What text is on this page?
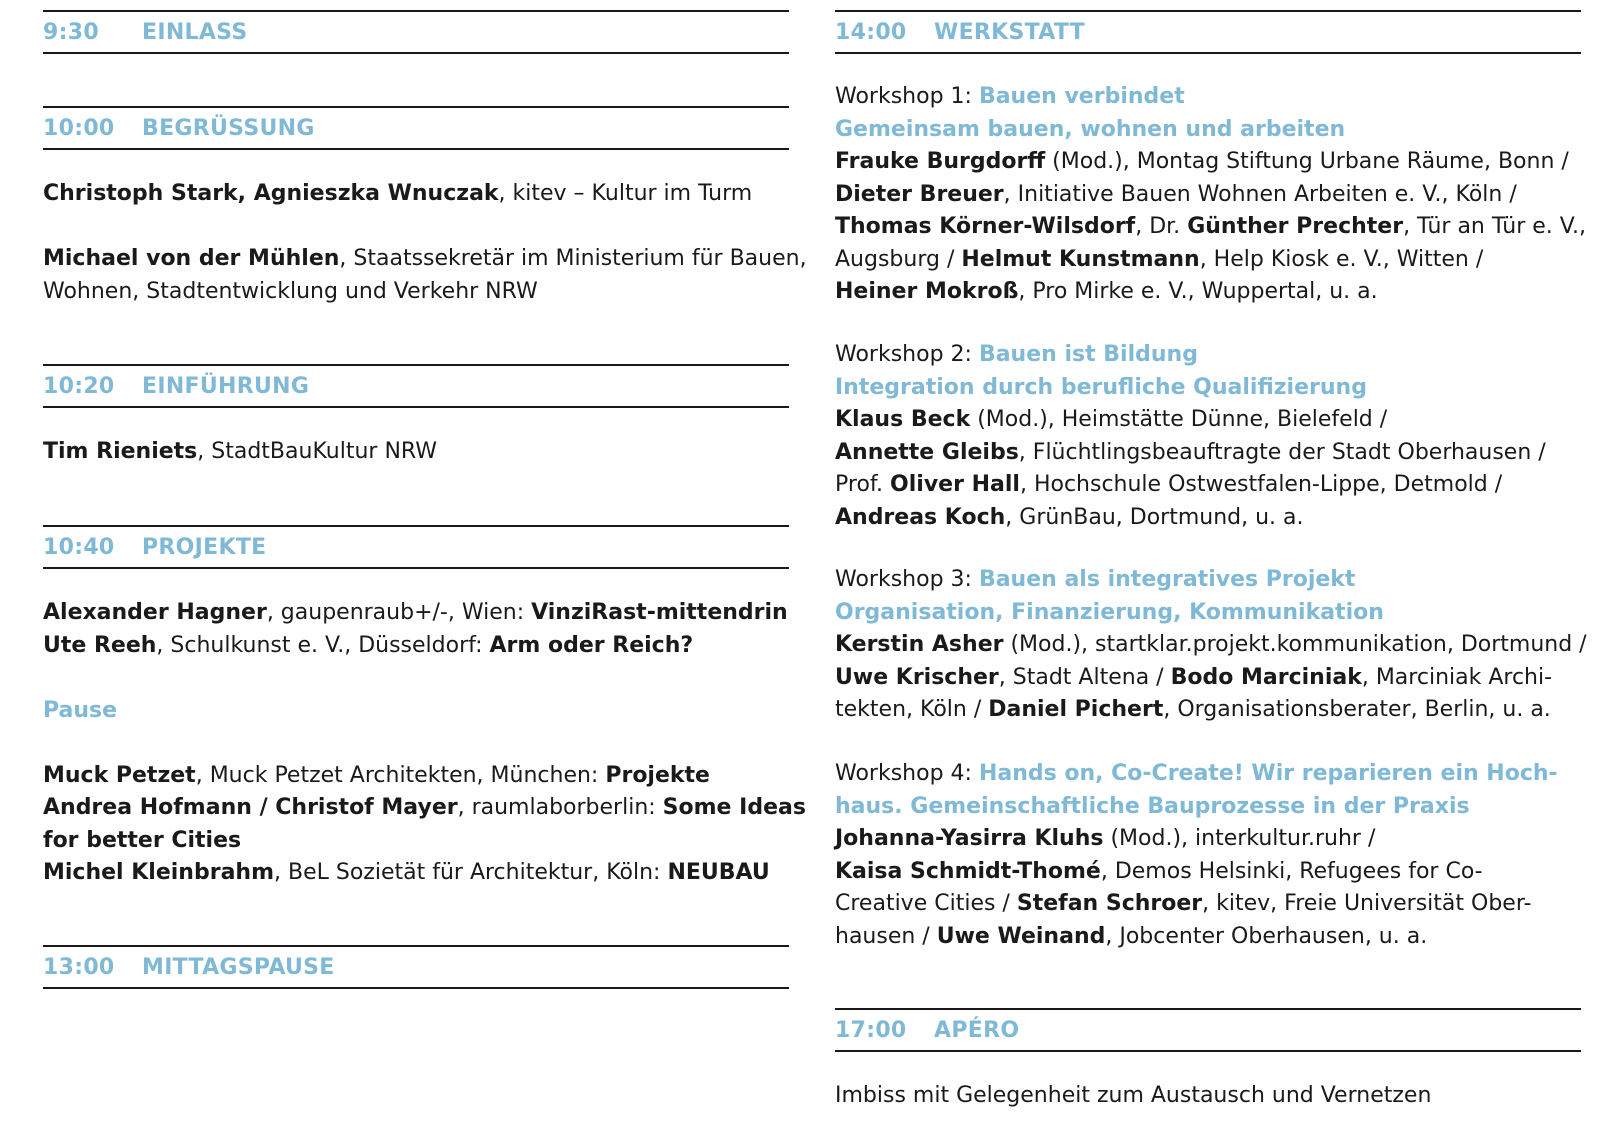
9:30	EINLASS
10:00	BEGRÜSSUNG
Christoph Stark, Agnieszka Wnuczak, kitev – Kultur im Turm
Michael von der Mühlen, Staatssekretär im Ministerium für Bauen,
Wohnen, Stadtentwicklung und Verkehr NRW
10:20	EINFÜHRUNG
Tim Rieniets, StadtBauKultur NRW
10:40	PROJEKTE
Alexander Hagner, gaupenraub+/-, Wien: VinziRast-mittendrin
Ute Reeh, Schulkunst e. V., Düsseldorf: Arm oder Reich?
Pause
Muck Petzet, Muck Petzet Architekten, München: Projekte
Andrea Hofmann / Christof Mayer, raumlaborberlin: Some Ideas
for better Cities
Michel Kleinbrahm, BeL Sozietät für Architektur, Köln: NEUBAU
13:00	MITTAGSPAUSE
14:00	WERKSTATT
Workshop 1: Bauen verbindet
Gemeinsam bauen, wohnen und arbeiten
Frauke Burgdorff (Mod.), Montag Stiftung Urbane Räume, Bonn /
Dieter Breuer, Initiative Bauen Wohnen Arbeiten e. V., Köln /
Thomas Körner-Wilsdorf, Dr. Günther Prechter, Tür an Tür e. V.,
Augsburg / Helmut Kunstmann, Help Kiosk e. V., Witten /
Heiner Mokroß, Pro Mirke e. V., Wuppertal, u. a.
Workshop 2: Bauen ist Bildung
Integration durch berufliche Qualifizierung
Klaus Beck (Mod.), Heimstätte Dünne, Bielefeld /
Annette Gleibs, Flüchtlingsbeauftragte der Stadt Oberhausen /
Prof. Oliver Hall, Hochschule Ostwestfalen-Lippe, Detmold /
Andreas Koch, GrünBau, Dortmund, u. a.
Workshop 3: Bauen als integratives Projekt
Organisation, Finanzierung, Kommunikation
Kerstin Asher (Mod.), startklar.projekt.kommunikation, Dortmund /
Uwe Krischer, Stadt Altena / Bodo Marciniak, Marciniak Archi-
tekten, Köln / Daniel Pichert, Organisationsberater, Berlin, u. a.
Workshop 4: Hands on, Co-Create! Wir reparieren ein Hoch-
haus. Gemeinschaftliche Bauprozesse in der Praxis
Johanna-Yasirra Kluhs (Mod.), interkultur.ruhr /
Kaisa Schmidt-Thomé, Demos Helsinki, Refugees for Co-
Creative Cities / Stefan Schroer, kitev, Freie Universität Ober-
hausen / Uwe Weinand, Jobcenter Oberhausen, u. a.
17:00	APÉRO
Imbiss mit Gelegenheit zum Austausch und Vernetzen
